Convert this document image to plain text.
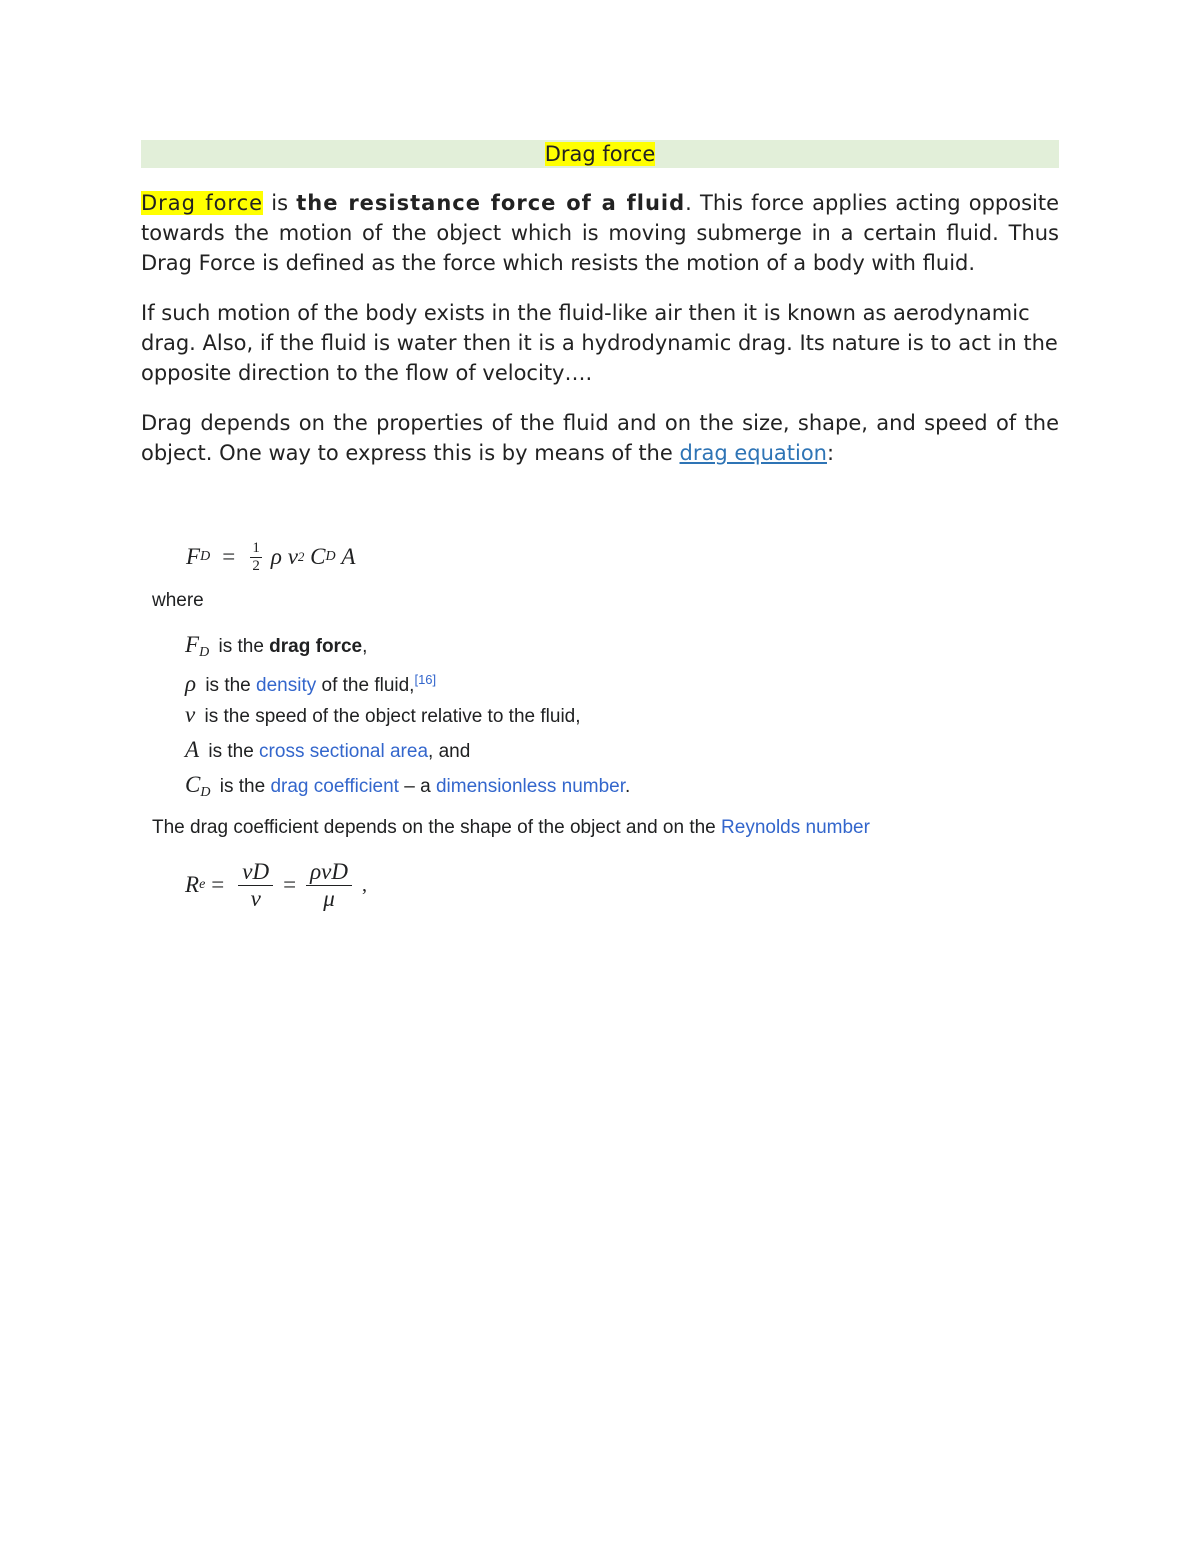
Drag force

Drag force is the resistance force of a fluid. This force applies acting opposite towards the motion of the object which is moving submerge in a certain fluid. Thus Drag Force is defined as the force which resists the motion of a body with fluid.

If such motion of the body exists in the fluid-like air then it is known as aerodynamic drag. Also, if the fluid is water then it is a hydrodynamic drag. Its nature is to act in the opposite direction to the flow of velocity….

Drag depends on the properties of the fluid and on the size, shape, and speed of the object. One way to express this is by means of the drag equation:

F $D = \frac{1}{2}$ ρ v 2 C D A
where
$F_D$ is the drag force,
ρ is the density of the fluid,[16]
v is the speed of the object relative to the fluid,
A is the cross sectional area, and
$C_D$ is the drag coefficient – a dimensionless number.
The drag coefficient depends on the shape of the object and on the Reynolds number
R $e = \frac{vD}{\nu} = \frac{\text{ρvD}}{\mu}$ ,
